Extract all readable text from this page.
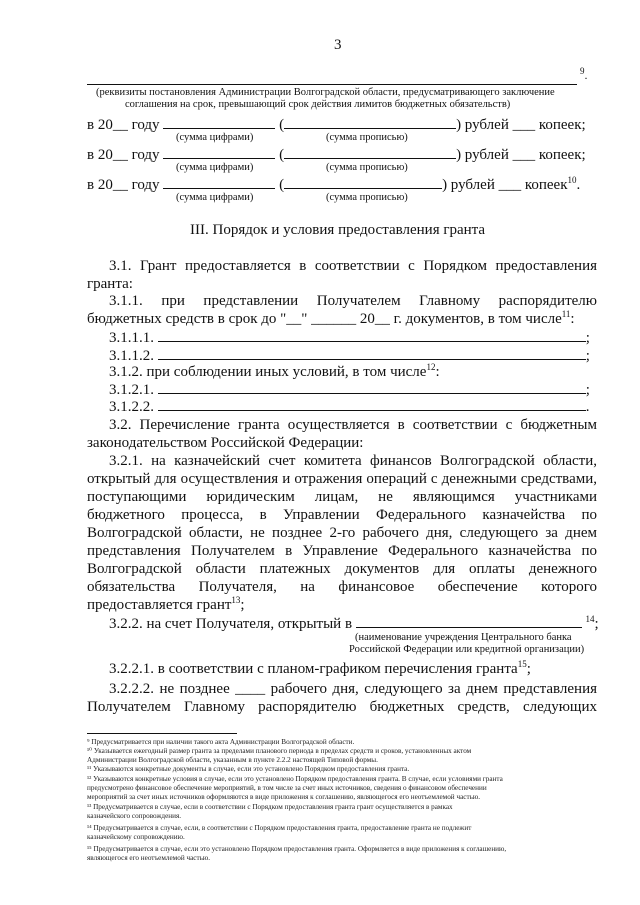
3
$^9$.
(реквизиты постановления Администрации Волгоградской области, предусматривающего заключение
соглашения на срок, превышающий срок действия лимитов бюджетных обязательств)
в 20__ году	(	) рублей ___ копеек;
(сумма цифрами)	(сумма прописью)
в 20__ году	(	) рублей ___ копеек;
(сумма цифрами)	(сумма прописью)
в 20__ году	(	) рублей ___ копеек$^{10}$.
(сумма цифрами)	(сумма прописью)
III. Порядок и условия предоставления гранта
3.1. Грант предоставляется в соответствии с Порядком предоставления
гранта:
3.1.1. при представлении Получателем Главному распорядителю
бюджетных средств в срок до "__" ______ 20__ г. документов, в том числе$^{11}$:
3.1.1.1.	;
3.1.1.2.	;
3.1.2. при соблюдении иных условий, в том числе$^{12}$:
3.1.2.1.	;
3.1.2.2.	.
3.2. Перечисление гранта осуществляется в соответствии с бюджетным
законодательством Российской Федерации:
3.2.1. на казначейский счет комитета финансов Волгоградской области,
открытый для осуществления и отражения операций с денежными средствами,
поступающими юридическим лицам, не являющимся участниками
бюджетного процесса, в Управлении Федерального казначейства по
Волгоградской области, не позднее 2-го рабочего дня, следующего за днем
представления Получателем в Управление Федерального казначейства по
Волгоградской области платежных документов для оплаты денежного
обязательства Получателя, на финансовое обеспечение которого
предоставляется грант$^{13}$;
3.2.2. на счет Получателя, открытый в	$^{14}$;
(наименование учреждения Центрального банка
Российской Федерации или кредитной организации)
3.2.2.1. в соответствии с планом-графиком перечисления гранта$^{15}$;
3.2.2.2. не позднее ____ рабочего дня, следующего за днем представления
Получателем Главному распорядителю бюджетных средств, следующих
⁹ Предусматривается при наличии такого акта Администрации Волгоградской области.
¹⁰ Указывается ежегодный размер гранта за пределами планового периода в пределах средств и сроков, установленных актом
Администрации Волгоградской области, указанным в пункте 2.2.2 настоящей Типовой формы.
¹¹ Указываются конкретные документы в случае, если это установлено Порядком предоставления гранта.
¹² Указываются конкретные условия в случае, если это установлено Порядком предоставления гранта. В случае, если условиями гранта
предусмотрено финансовое обеспечение мероприятий, в том числе за счет иных источников, сведения о финансовом обеспечении
мероприятий за счет иных источников оформляются в виде приложения к соглашению, являющегося его неотъемлемой частью.
¹³ Предусматривается в случае, если в соответствии с Порядком предоставления гранта грант осуществляется в рамках
казначейского сопровождения.
¹⁴ Предусматривается в случае, если, в соответствии с Порядком предоставления гранта, предоставление гранта не подлежит
казначейскому сопровождению.
¹⁵ Предусматривается в случае, если это установлено Порядком предоставления гранта. Оформляется в виде приложения к соглашению,
являющегося его неотъемлемой частью.
